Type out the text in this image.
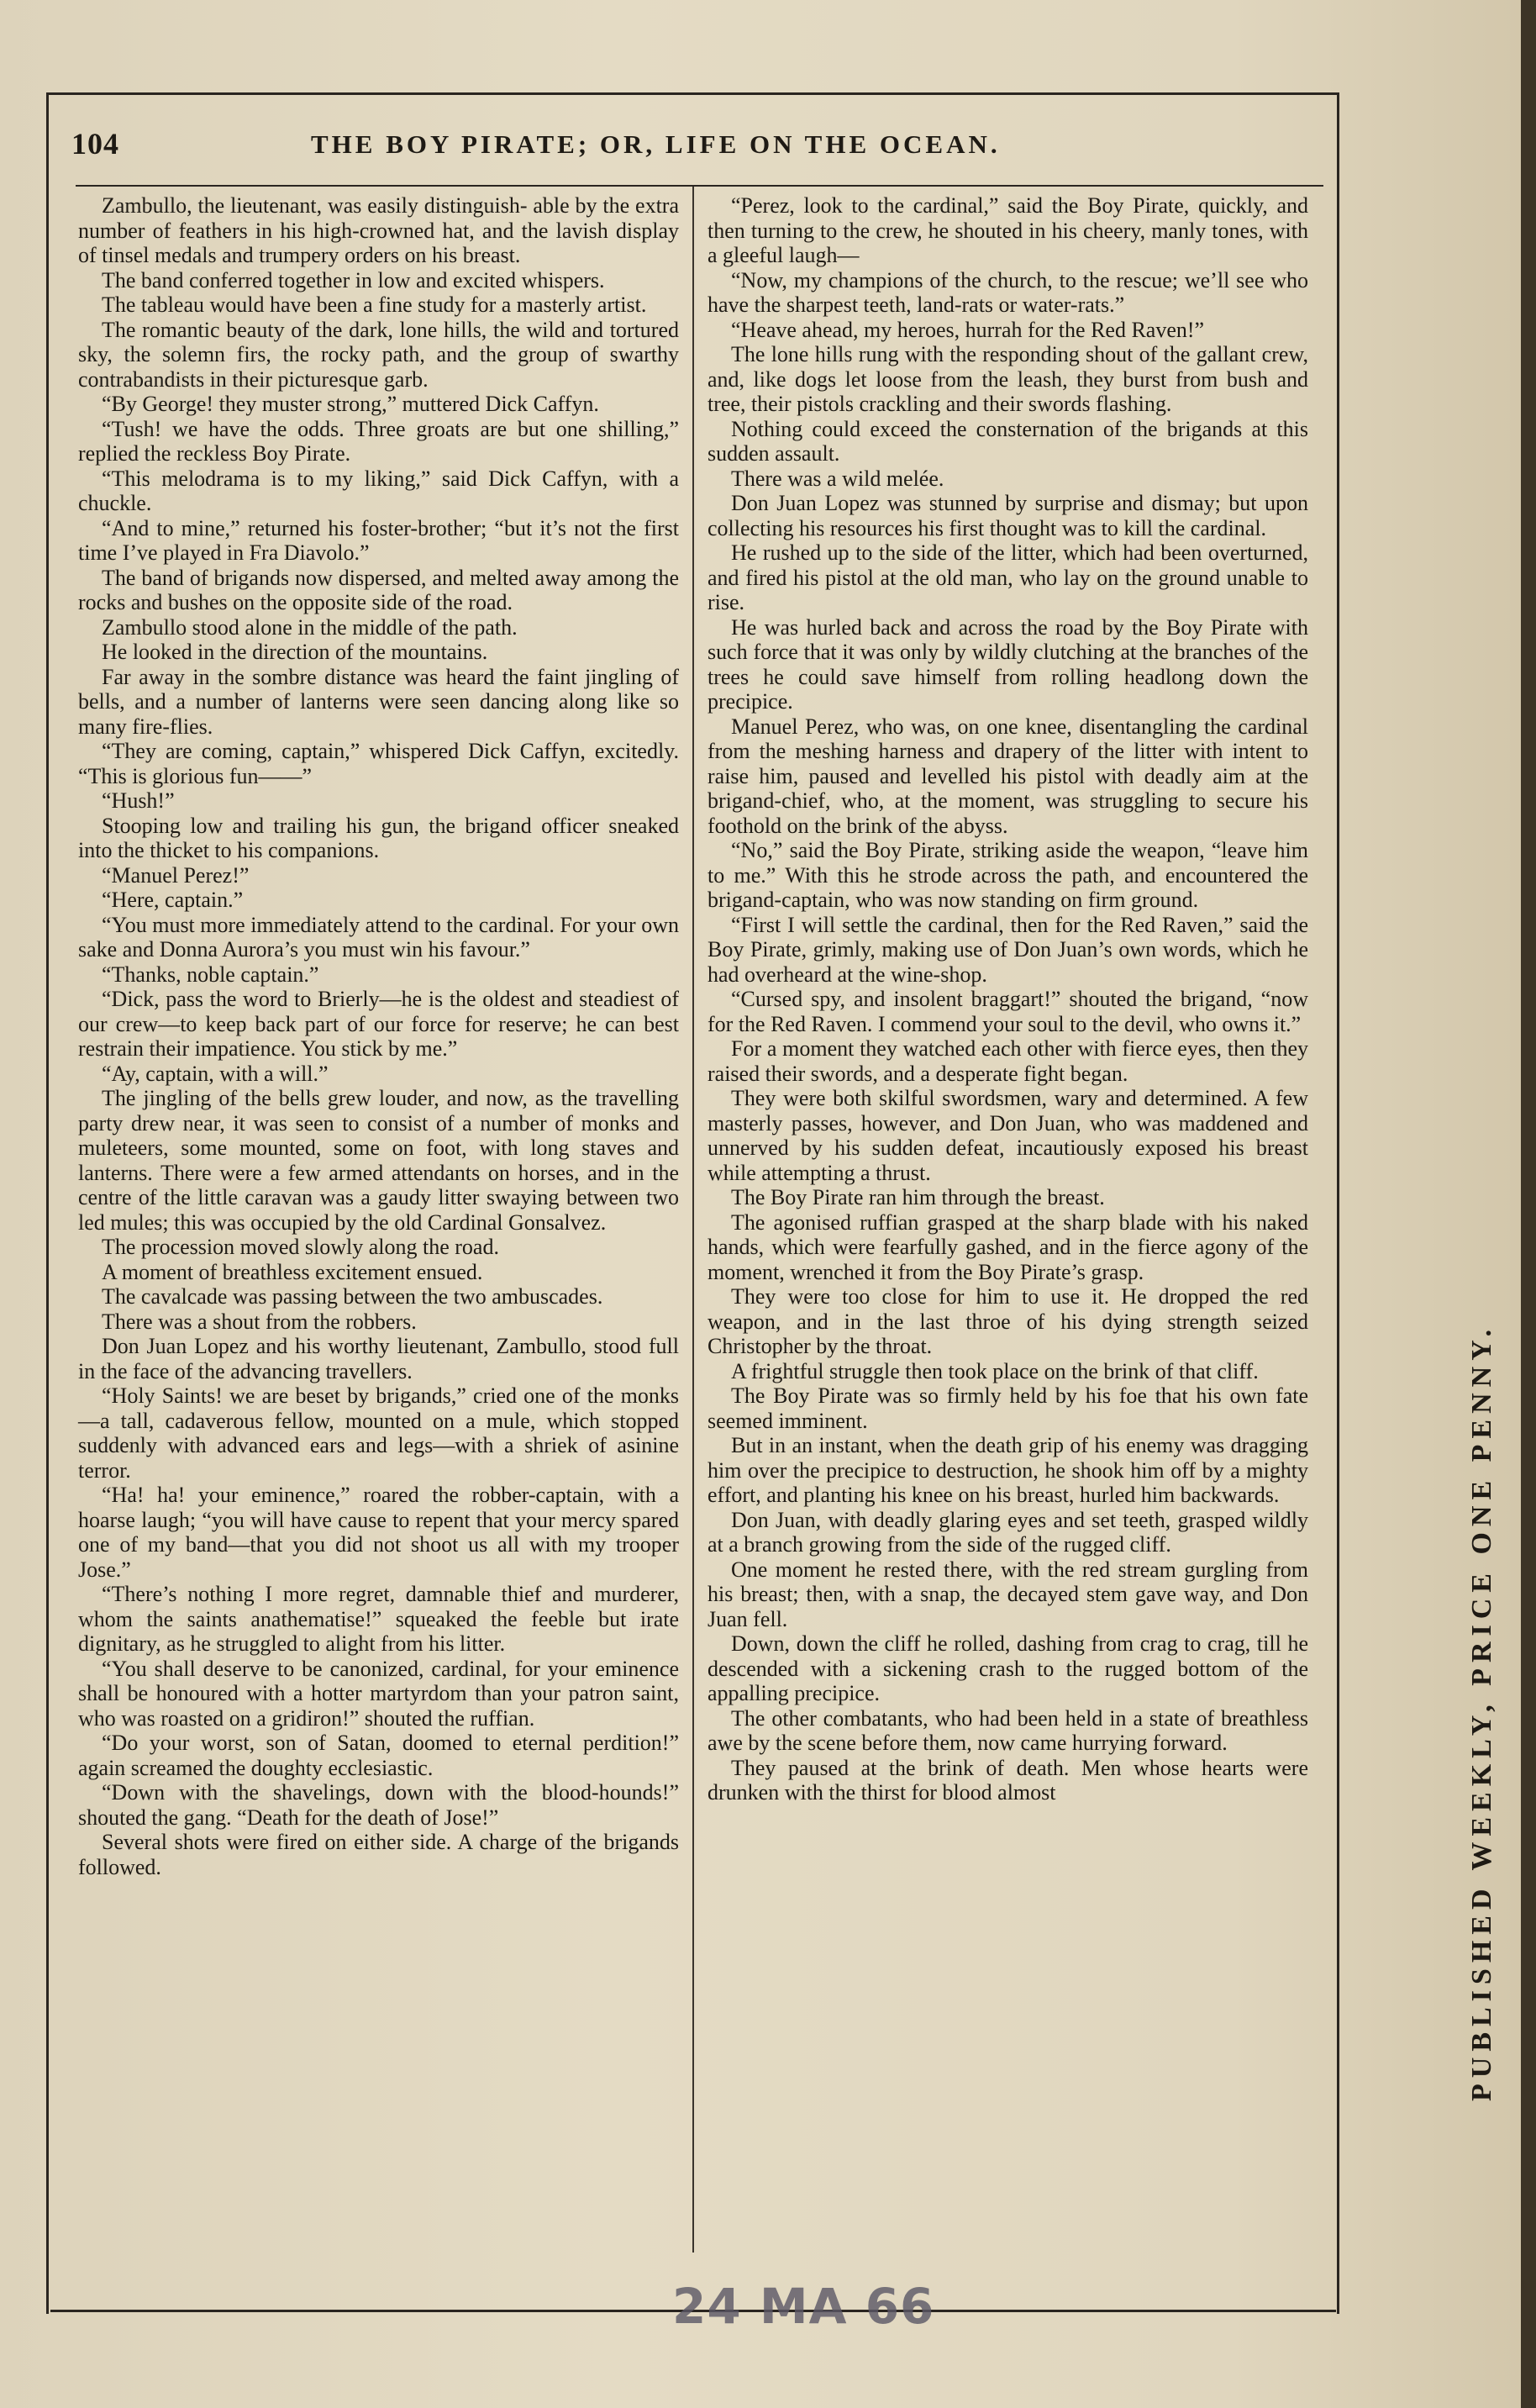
104	THE BOY PIRATE; OR, LIFE ON THE OCEAN.

Zambullo, the lieutenant, was easily distinguish- able by the extra number of feathers in his high-crowned hat, and the lavish display of tinsel medals and trumpery orders on his breast.

The band conferred together in low and excited whispers.

The tableau would have been a fine study for a masterly artist.

The romantic beauty of the dark, lone hills, the wild and tortured sky, the solemn firs, the rocky path, and the group of swarthy contrabandists in their picturesque garb.

“By George! they muster strong,” muttered Dick Caffyn.

“Tush! we have the odds. Three groats are but one shilling,” replied the reckless Boy Pirate.

“This melodrama is to my liking,” said Dick Caffyn, with a chuckle.

“And to mine,” returned his foster-brother; “but it’s not the first time I’ve played in Fra Diavolo.”

The band of brigands now dispersed, and melted away among the rocks and bushes on the opposite side of the road.

Zambullo stood alone in the middle of the path.

He looked in the direction of the mountains.

Far away in the sombre distance was heard the faint jingling of bells, and a number of lanterns were seen dancing along like so many fire-flies.

“They are coming, captain,” whispered Dick Caffyn, excitedly. “This is glorious fun——”

“Hush!”

Stooping low and trailing his gun, the brigand officer sneaked into the thicket to his companions.

“Manuel Perez!”

“Here, captain.”

“You must more immediately attend to the cardinal. For your own sake and Donna Aurora’s you must win his favour.”

“Thanks, noble captain.”

“Dick, pass the word to Brierly—he is the oldest and steadiest of our crew—to keep back part of our force for reserve; he can best restrain their impatience. You stick by me.”

“Ay, captain, with a will.”

The jingling of the bells grew louder, and now, as the travelling party drew near, it was seen to consist of a number of monks and muleteers, some mounted, some on foot, with long staves and lanterns. There were a few armed attendants on horses, and in the centre of the little caravan was a gaudy litter swaying between two led mules; this was occupied by the old Cardinal Gonsalvez.

The procession moved slowly along the road.

A moment of breathless excitement ensued.

The cavalcade was passing between the two ambuscades.

There was a shout from the robbers.

Don Juan Lopez and his worthy lieutenant, Zambullo, stood full in the face of the advancing travellers.

“Holy Saints! we are beset by brigands,” cried one of the monks—a tall, cadaverous fellow, mounted on a mule, which stopped suddenly with advanced ears and legs—with a shriek of asinine terror.

“Ha! ha! your eminence,” roared the robber-captain, with a hoarse laugh; “you will have cause to repent that your mercy spared one of my band—that you did not shoot us all with my trooper Jose.”

“There’s nothing I more regret, damnable thief and murderer, whom the saints anathematise!” squeaked the feeble but irate dignitary, as he struggled to alight from his litter.

“You shall deserve to be canonized, cardinal, for your eminence shall be honoured with a hotter martyrdom than your patron saint, who was roasted on a gridiron!” shouted the ruffian.

“Do your worst, son of Satan, doomed to eternal perdition!” again screamed the doughty ecclesiastic.

“Down with the shavelings, down with the blood-hounds!” shouted the gang. “Death for the death of Jose!”

Several shots were fired on either side. A charge of the brigands followed.

“Perez, look to the cardinal,” said the Boy Pirate, quickly, and then turning to the crew, he shouted in his cheery, manly tones, with a gleeful laugh—

“Now, my champions of the church, to the rescue; we’ll see who have the sharpest teeth, land-rats or water-rats.”

“Heave ahead, my heroes, hurrah for the Red Raven!”

The lone hills rung with the responding shout of the gallant crew, and, like dogs let loose from the leash, they burst from bush and tree, their pistols crackling and their swords flashing.

Nothing could exceed the consternation of the brigands at this sudden assault.

There was a wild melée.

Don Juan Lopez was stunned by surprise and dismay; but upon collecting his resources his first thought was to kill the cardinal.

He rushed up to the side of the litter, which had been overturned, and fired his pistol at the old man, who lay on the ground unable to rise.

He was hurled back and across the road by the Boy Pirate with such force that it was only by wildly clutching at the branches of the trees he could save himself from rolling headlong down the precipice.

Manuel Perez, who was, on one knee, disentangling the cardinal from the meshing harness and drapery of the litter with intent to raise him, paused and levelled his pistol with deadly aim at the brigand-chief, who, at the moment, was struggling to secure his foothold on the brink of the abyss.

“No,” said the Boy Pirate, striking aside the weapon, “leave him to me.” With this he strode across the path, and encountered the brigand-captain, who was now standing on firm ground.

“First I will settle the cardinal, then for the Red Raven,” said the Boy Pirate, grimly, making use of Don Juan’s own words, which he had overheard at the wine-shop.

“Cursed spy, and insolent braggart!” shouted the brigand, “now for the Red Raven. I commend your soul to the devil, who owns it.”

For a moment they watched each other with fierce eyes, then they raised their swords, and a desperate fight began.

They were both skilful swordsmen, wary and determined. A few masterly passes, however, and Don Juan, who was maddened and unnerved by his sudden defeat, incautiously exposed his breast while attempting a thrust.

The Boy Pirate ran him through the breast.

The agonised ruffian grasped at the sharp blade with his naked hands, which were fearfully gashed, and in the fierce agony of the moment, wrenched it from the Boy Pirate’s grasp.

They were too close for him to use it. He dropped the red weapon, and in the last throe of his dying strength seized Christopher by the throat.

A frightful struggle then took place on the brink of that cliff.

The Boy Pirate was so firmly held by his foe that his own fate seemed imminent.

But in an instant, when the death grip of his enemy was dragging him over the precipice to destruction, he shook him off by a mighty effort, and planting his knee on his breast, hurled him backwards.

Don Juan, with deadly glaring eyes and set teeth, grasped wildly at a branch growing from the side of the rugged cliff.

One moment he rested there, with the red stream gurgling from his breast; then, with a snap, the decayed stem gave way, and Don Juan fell.

Down, down the cliff he rolled, dashing from crag to crag, till he descended with a sickening crash to the rugged bottom of the appalling precipice.

The other combatants, who had been held in a state of breathless awe by the scene before them, now came hurrying forward.

They paused at the brink of death. Men whose hearts were drunken with the thirst for blood almost

24 MA 66
PUBLISHED WEEKLY, PRICE ONE PENNY.
